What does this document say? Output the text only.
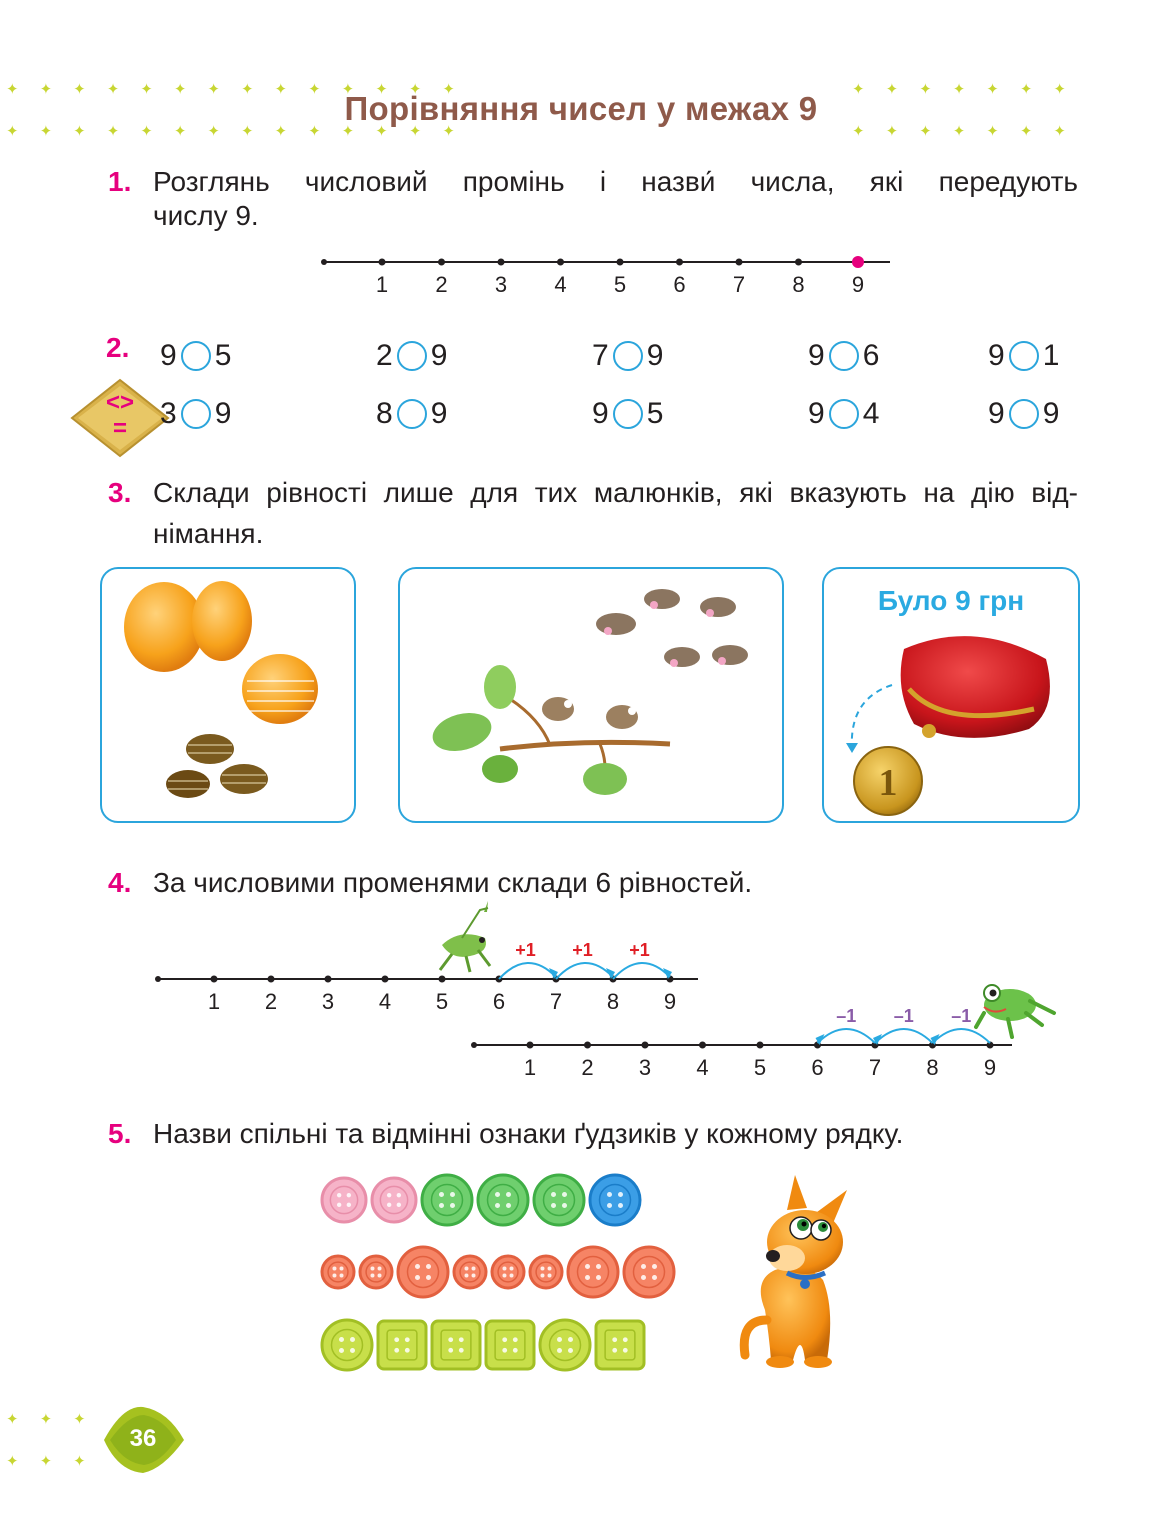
✦✦✦✦✦✦✦✦✦✦✦✦✦✦
✦✦✦✦✦✦✦✦✦✦✦✦✦✦
✦✦✦✦✦✦✦
✦✦✦✦✦✦✦
Порівняння чисел у межах 9
1. Розглянь числовий промінь і назви́ числа, які передують
числу 9.
1 2 3 4 5 6 7 8 9
2.
<>
=
9 5	2 9	7 9	9 6	9 1
3 9	8 9	9 5	9 4	9 9
3. Склади рівності лише для тих малюнків, які вказують на дію від-
німання.
Було 9 грн
1
4. За числовими променями склади 6 рівностей.
1 2 3 4 5 6 7 8 9
+1 +1 +1
1 2 3 4 5 6 7 8 9
–1
–1
–1
5. Назви спільні та відмінні ознаки ґудзиків у кожному рядку.
✦✦✦
✦✦✦
36
